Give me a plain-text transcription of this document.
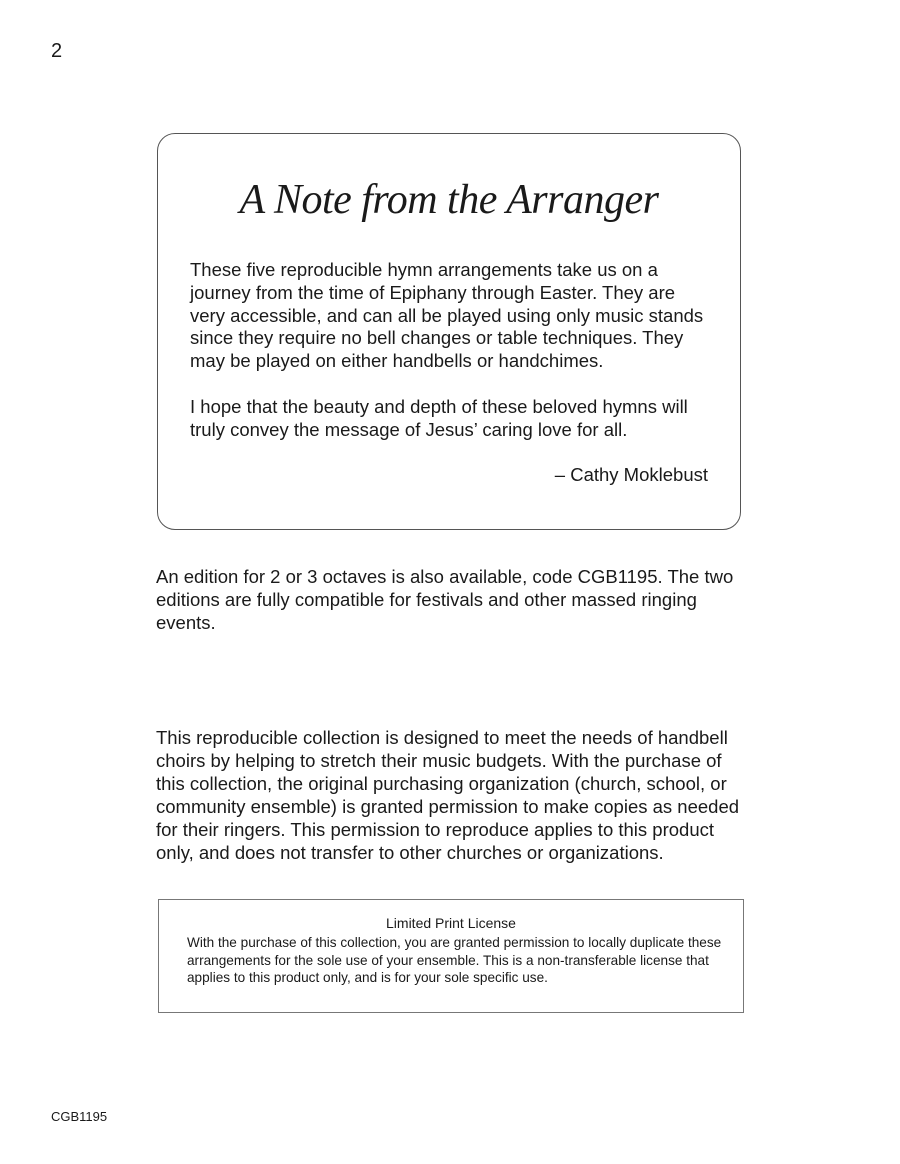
2
A Note from the Arranger

These five reproducible hymn arrangements take us on a journey from the time of Epiphany through Easter. They are very accessible, and can all be played using only music stands since they require no bell changes or table techniques. They may be played on either handbells or handchimes.

I hope that the beauty and depth of these beloved hymns will truly convey the message of Jesus’ caring love for all.

– Cathy Moklebust

An edition for 2 or 3 octaves is also available, code CGB1195. The two editions are fully compatible for festivals and other massed ringing events.

This reproducible collection is designed to meet the needs of handbell choirs by helping to stretch their music budgets. With the purchase of this collection, the original purchasing organization (church, school, or community ensemble) is granted permission to make copies as needed for their ringers. This permission to reproduce applies to this product only, and does not transfer to other churches or organizations.

Limited Print License
With the purchase of this collection, you are granted permission to locally duplicate these arrangements for the sole use of your ensemble. This is a non-transferable license that applies to this product only, and is for your sole specific use.
CGB1195
